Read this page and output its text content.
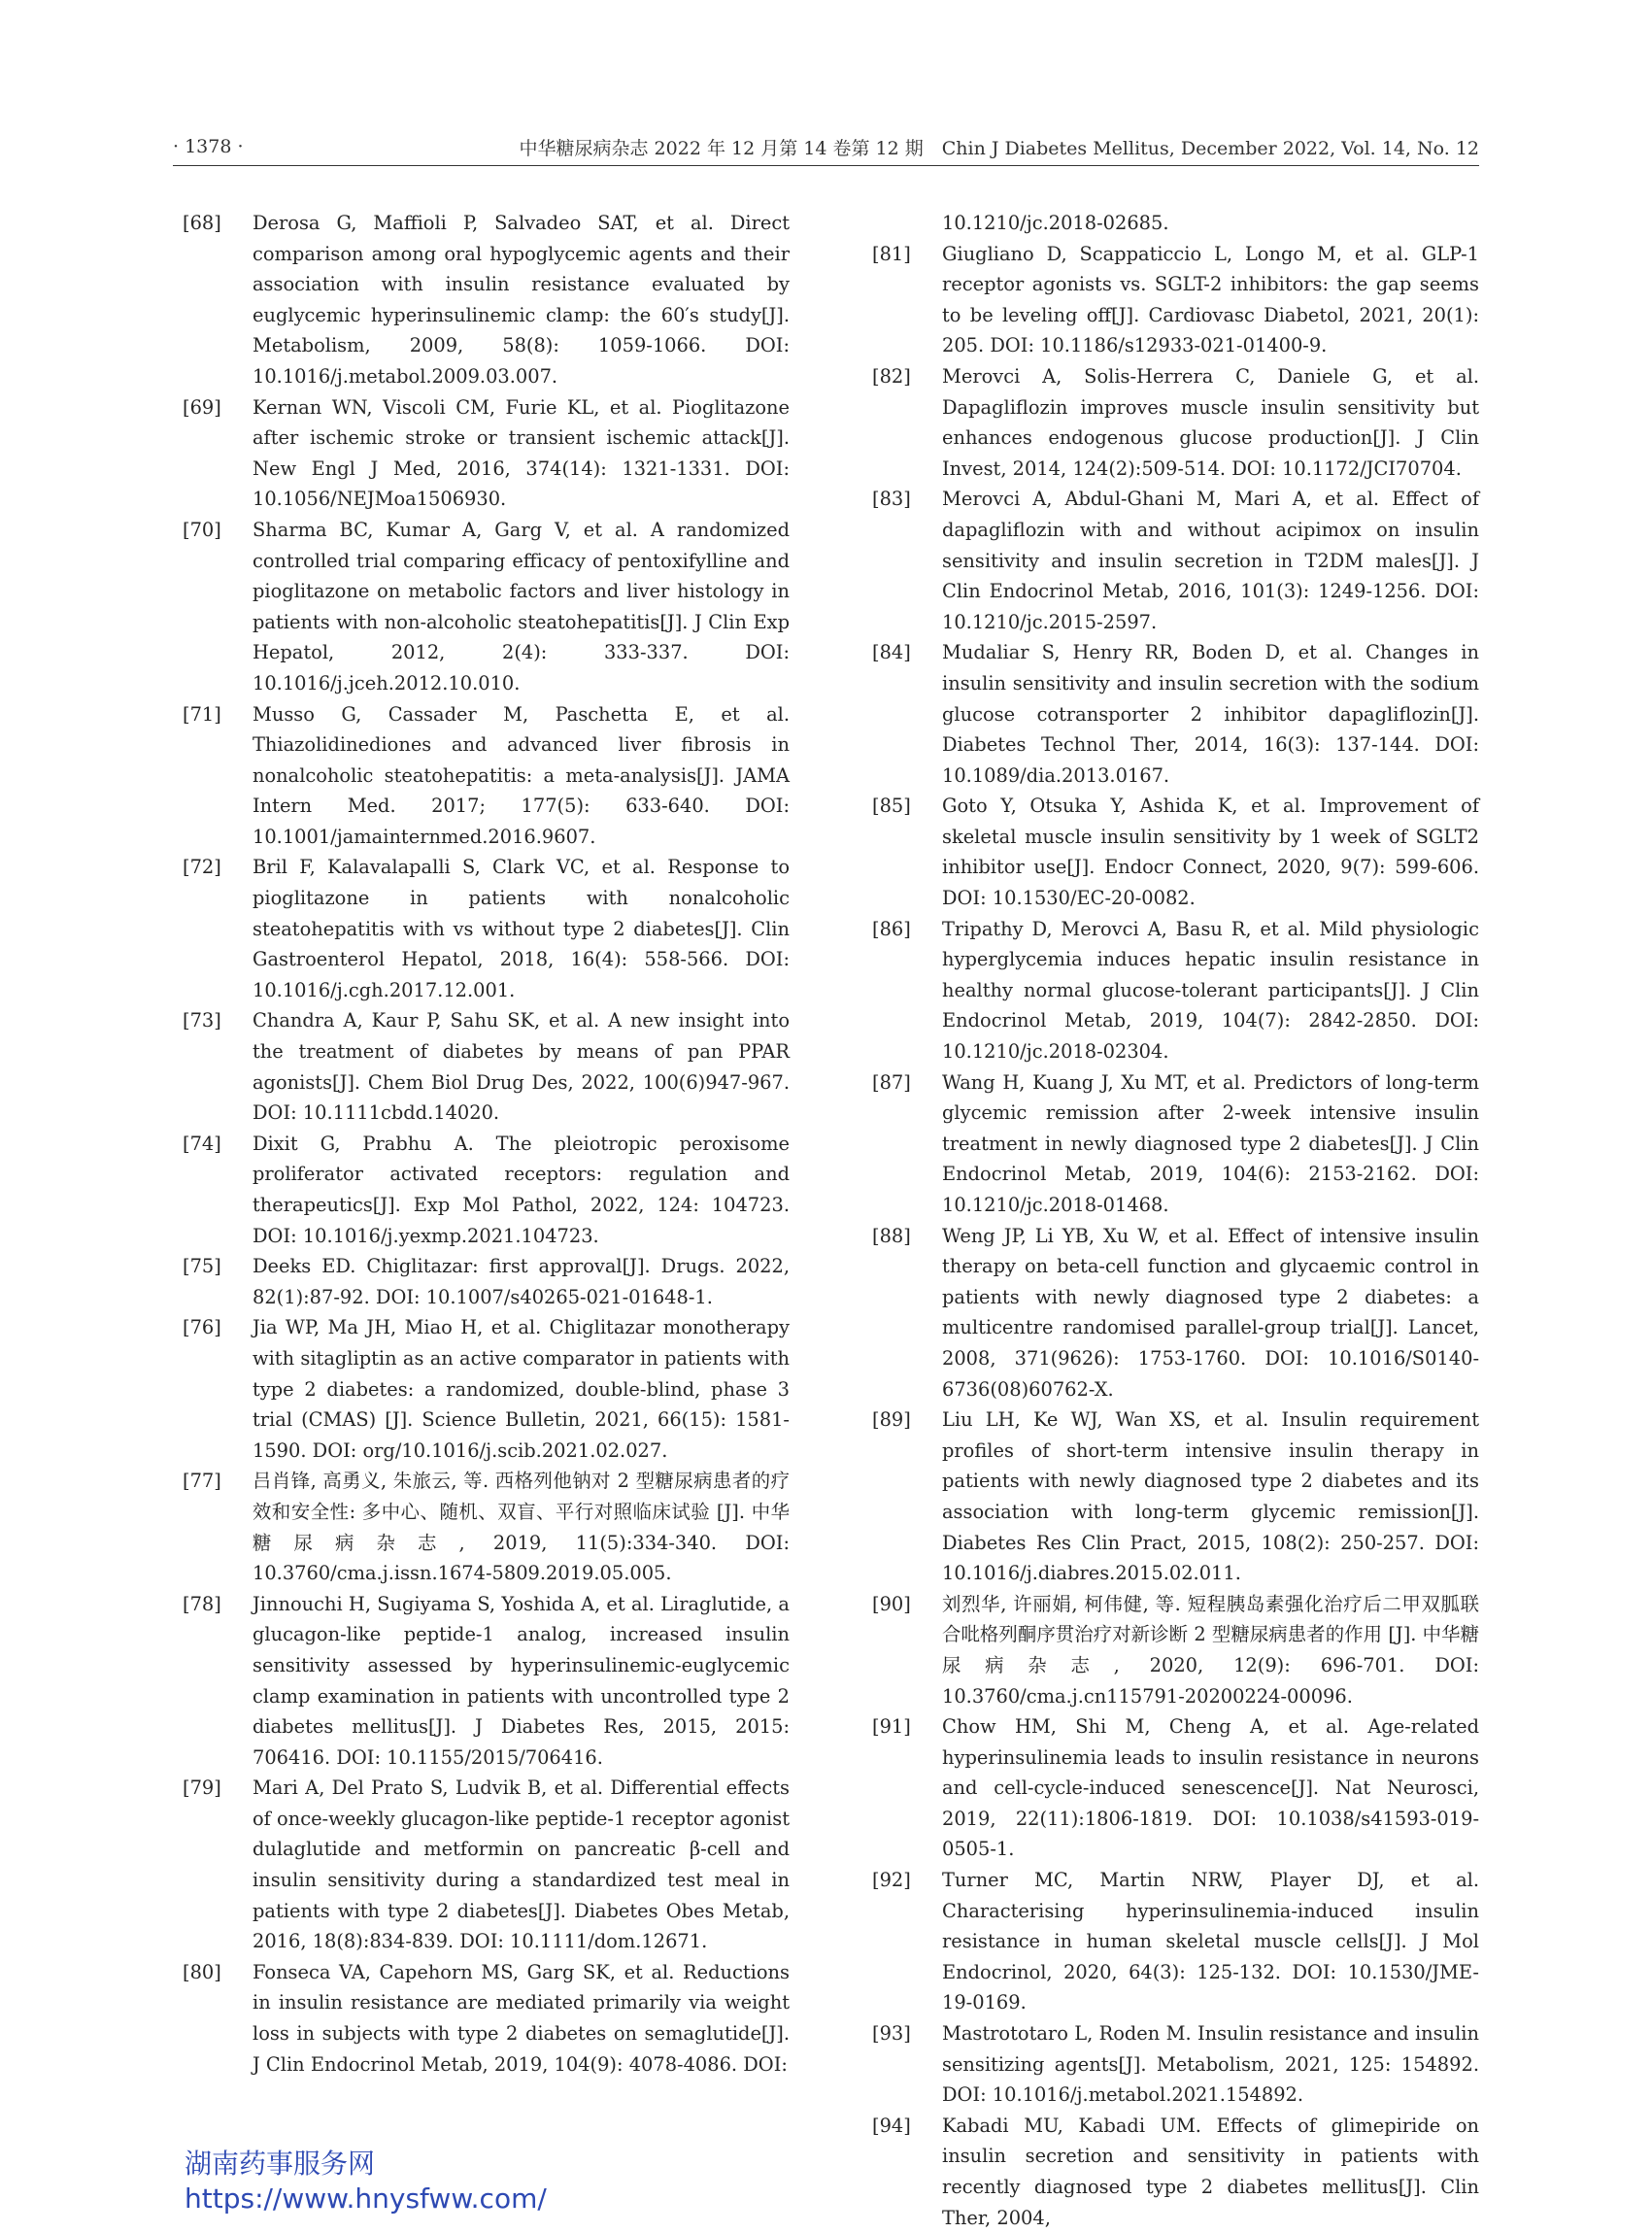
· 1378 ·	中华糖尿病杂志 2022 年 12 月第 14 卷第 12 期　Chin J Diabetes Mellitus, December 2022, Vol. 14, No. 12
[68]	Derosa G, Maffioli P, Salvadeo SAT, et al. Direct comparison among oral hypoglycemic agents and their association with insulin resistance evaluated by euglycemic hyperinsulinemic clamp: the 60′s study[J]. Metabolism, 2009, 58(8): 1059-1066. DOI: 10.1016/j.metabol.2009.03.007.
[69]	Kernan WN, Viscoli CM, Furie KL, et al. Pioglitazone after ischemic stroke or transient ischemic attack[J]. New Engl J Med, 2016, 374(14): 1321-1331. DOI: 10.1056/NEJMoa1506930.
[70]	Sharma BC, Kumar A, Garg V, et al. A randomized controlled trial comparing efficacy of pentoxifylline and pioglitazone on metabolic factors and liver histology in patients with non-alcoholic steatohepatitis[J]. J Clin Exp Hepatol, 2012, 2(4): 333-337. DOI: 10.1016/j.jceh.2012.10.010.
[71]	Musso G, Cassader M, Paschetta E, et al. Thiazolidinediones and advanced liver fibrosis in nonalcoholic steatohepatitis: a meta-analysis[J]. JAMA Intern Med. 2017; 177(5): 633-640. DOI: 10.1001/jamainternmed.2016.9607.
[72]	Bril F, Kalavalapalli S, Clark VC, et al. Response to pioglitazone in patients with nonalcoholic steatohepatitis with vs without type 2 diabetes[J]. Clin Gastroenterol Hepatol, 2018, 16(4): 558-566. DOI: 10.1016/j.cgh.2017.12.001.
[73]	Chandra A, Kaur P, Sahu SK, et al. A new insight into the treatment of diabetes by means of pan PPAR agonists[J]. Chem Biol Drug Des, 2022, 100(6)947-967. DOI: 10.1111cbdd.14020.
[74]	Dixit G, Prabhu A. The pleiotropic peroxisome proliferator activated receptors: regulation and therapeutics[J]. Exp Mol Pathol, 2022, 124: 104723. DOI: 10.1016/j.yexmp.2021.104723.
[75]	Deeks ED. Chiglitazar: first approval[J]. Drugs. 2022, 82(1):87-92. DOI: 10.1007/s40265-021-01648-1.
[76]	Jia WP, Ma JH, Miao H, et al. Chiglitazar monotherapy with sitagliptin as an active comparator in patients with type 2 diabetes: a randomized, double-blind, phase 3 trial (CMAS) [J]. Science Bulletin, 2021, 66(15): 1581-1590. DOI: org/10.1016/j.scib.2021.02.027.
[77]	吕肖锋, 高勇义, 朱旅云, 等. 西格列他钠对 2 型糖尿病患者的疗效和安全性: 多中心、随机、双盲、平行对照临床试验 [J]. 中华糖尿病杂志, 2019, 11(5):334-340. DOI: 10.3760/cma.j.issn.1674-5809.2019.05.005.
[78]	Jinnouchi H, Sugiyama S, Yoshida A, et al. Liraglutide, a glucagon-like peptide-1 analog, increased insulin sensitivity assessed by hyperinsulinemic-euglycemic clamp examination in patients with uncontrolled type 2 diabetes mellitus[J]. J Diabetes Res, 2015, 2015: 706416. DOI: 10.1155/2015/706416.
[79]	Mari A, Del Prato S, Ludvik B, et al. Differential effects of once-weekly glucagon-like peptide-1 receptor agonist dulaglutide and metformin on pancreatic β-cell and insulin sensitivity during a standardized test meal in patients with type 2 diabetes[J]. Diabetes Obes Metab, 2016, 18(8):834-839. DOI: 10.1111/dom.12671.
[80]	Fonseca VA, Capehorn MS, Garg SK, et al. Reductions in insulin resistance are mediated primarily via weight loss in subjects with type 2 diabetes on semaglutide[J]. J Clin Endocrinol Metab, 2019, 104(9): 4078-4086. DOI:
10.1210/jc.2018-02685.
[81]	Giugliano D, Scappaticcio L, Longo M, et al. GLP-1 receptor agonists vs. SGLT-2 inhibitors: the gap seems to be leveling off[J]. Cardiovasc Diabetol, 2021, 20(1): 205. DOI: 10.1186/s12933-021-01400-9.
[82]	Merovci A, Solis-Herrera C, Daniele G, et al. Dapagliflozin improves muscle insulin sensitivity but enhances endogenous glucose production[J]. J Clin Invest, 2014, 124(2):509-514. DOI: 10.1172/JCI70704.
[83]	Merovci A, Abdul-Ghani M, Mari A, et al. Effect of dapagliflozin with and without acipimox on insulin sensitivity and insulin secretion in T2DM males[J]. J Clin Endocrinol Metab, 2016, 101(3): 1249-1256. DOI: 10.1210/jc.2015-2597.
[84]	Mudaliar S, Henry RR, Boden D, et al. Changes in insulin sensitivity and insulin secretion with the sodium glucose cotransporter 2 inhibitor dapagliflozin[J]. Diabetes Technol Ther, 2014, 16(3): 137-144. DOI: 10.1089/dia.2013.0167.
[85]	Goto Y, Otsuka Y, Ashida K, et al. Improvement of skeletal muscle insulin sensitivity by 1 week of SGLT2 inhibitor use[J]. Endocr Connect, 2020, 9(7): 599-606. DOI: 10.1530/EC-20-0082.
[86]	Tripathy D, Merovci A, Basu R, et al. Mild physiologic hyperglycemia induces hepatic insulin resistance in healthy normal glucose-tolerant participants[J]. J Clin Endocrinol Metab, 2019, 104(7): 2842-2850. DOI: 10.1210/jc.2018-02304.
[87]	Wang H, Kuang J, Xu MT, et al. Predictors of long-term glycemic remission after 2-week intensive insulin treatment in newly diagnosed type 2 diabetes[J]. J Clin Endocrinol Metab, 2019, 104(6): 2153-2162. DOI: 10.1210/jc.2018-01468.
[88]	Weng JP, Li YB, Xu W, et al. Effect of intensive insulin therapy on beta-cell function and glycaemic control in patients with newly diagnosed type 2 diabetes: a multicentre randomised parallel-group trial[J]. Lancet, 2008, 371(9626): 1753-1760. DOI: 10.1016/S0140-6736(08)60762-X.
[89]	Liu LH, Ke WJ, Wan XS, et al. Insulin requirement profiles of short-term intensive insulin therapy in patients with newly diagnosed type 2 diabetes and its association with long-term glycemic remission[J]. Diabetes Res Clin Pract, 2015, 108(2): 250-257. DOI: 10.1016/j.diabres.2015.02.011.
[90]	刘烈华, 许丽娟, 柯伟健, 等. 短程胰岛素强化治疗后二甲双胍联合吡格列酮序贯治疗对新诊断 2 型糖尿病患者的作用 [J]. 中华糖尿病杂志, 2020, 12(9): 696-701. DOI: 10.3760/cma.j.cn115791-20200224-00096.
[91]	Chow HM, Shi M, Cheng A, et al. Age-related hyperinsulinemia leads to insulin resistance in neurons and cell-cycle-induced senescence[J]. Nat Neurosci, 2019, 22(11):1806-1819. DOI: 10.1038/s41593-019-0505-1.
[92]	Turner MC, Martin NRW, Player DJ, et al. Characterising hyperinsulinemia-induced insulin resistance in human skeletal muscle cells[J]. J Mol Endocrinol, 2020, 64(3): 125-132. DOI: 10.1530/JME-19-0169.
[93]	Mastrototaro L, Roden M. Insulin resistance and insulin sensitizing agents[J]. Metabolism, 2021, 125: 154892. DOI: 10.1016/j.metabol.2021.154892.
[94]	Kabadi MU, Kabadi UM. Effects of glimepiride on insulin secretion and sensitivity in patients with recently diagnosed type 2 diabetes mellitus[J]. Clin Ther, 2004,
湖南药事服务网
https://www.hnysfww.com/
